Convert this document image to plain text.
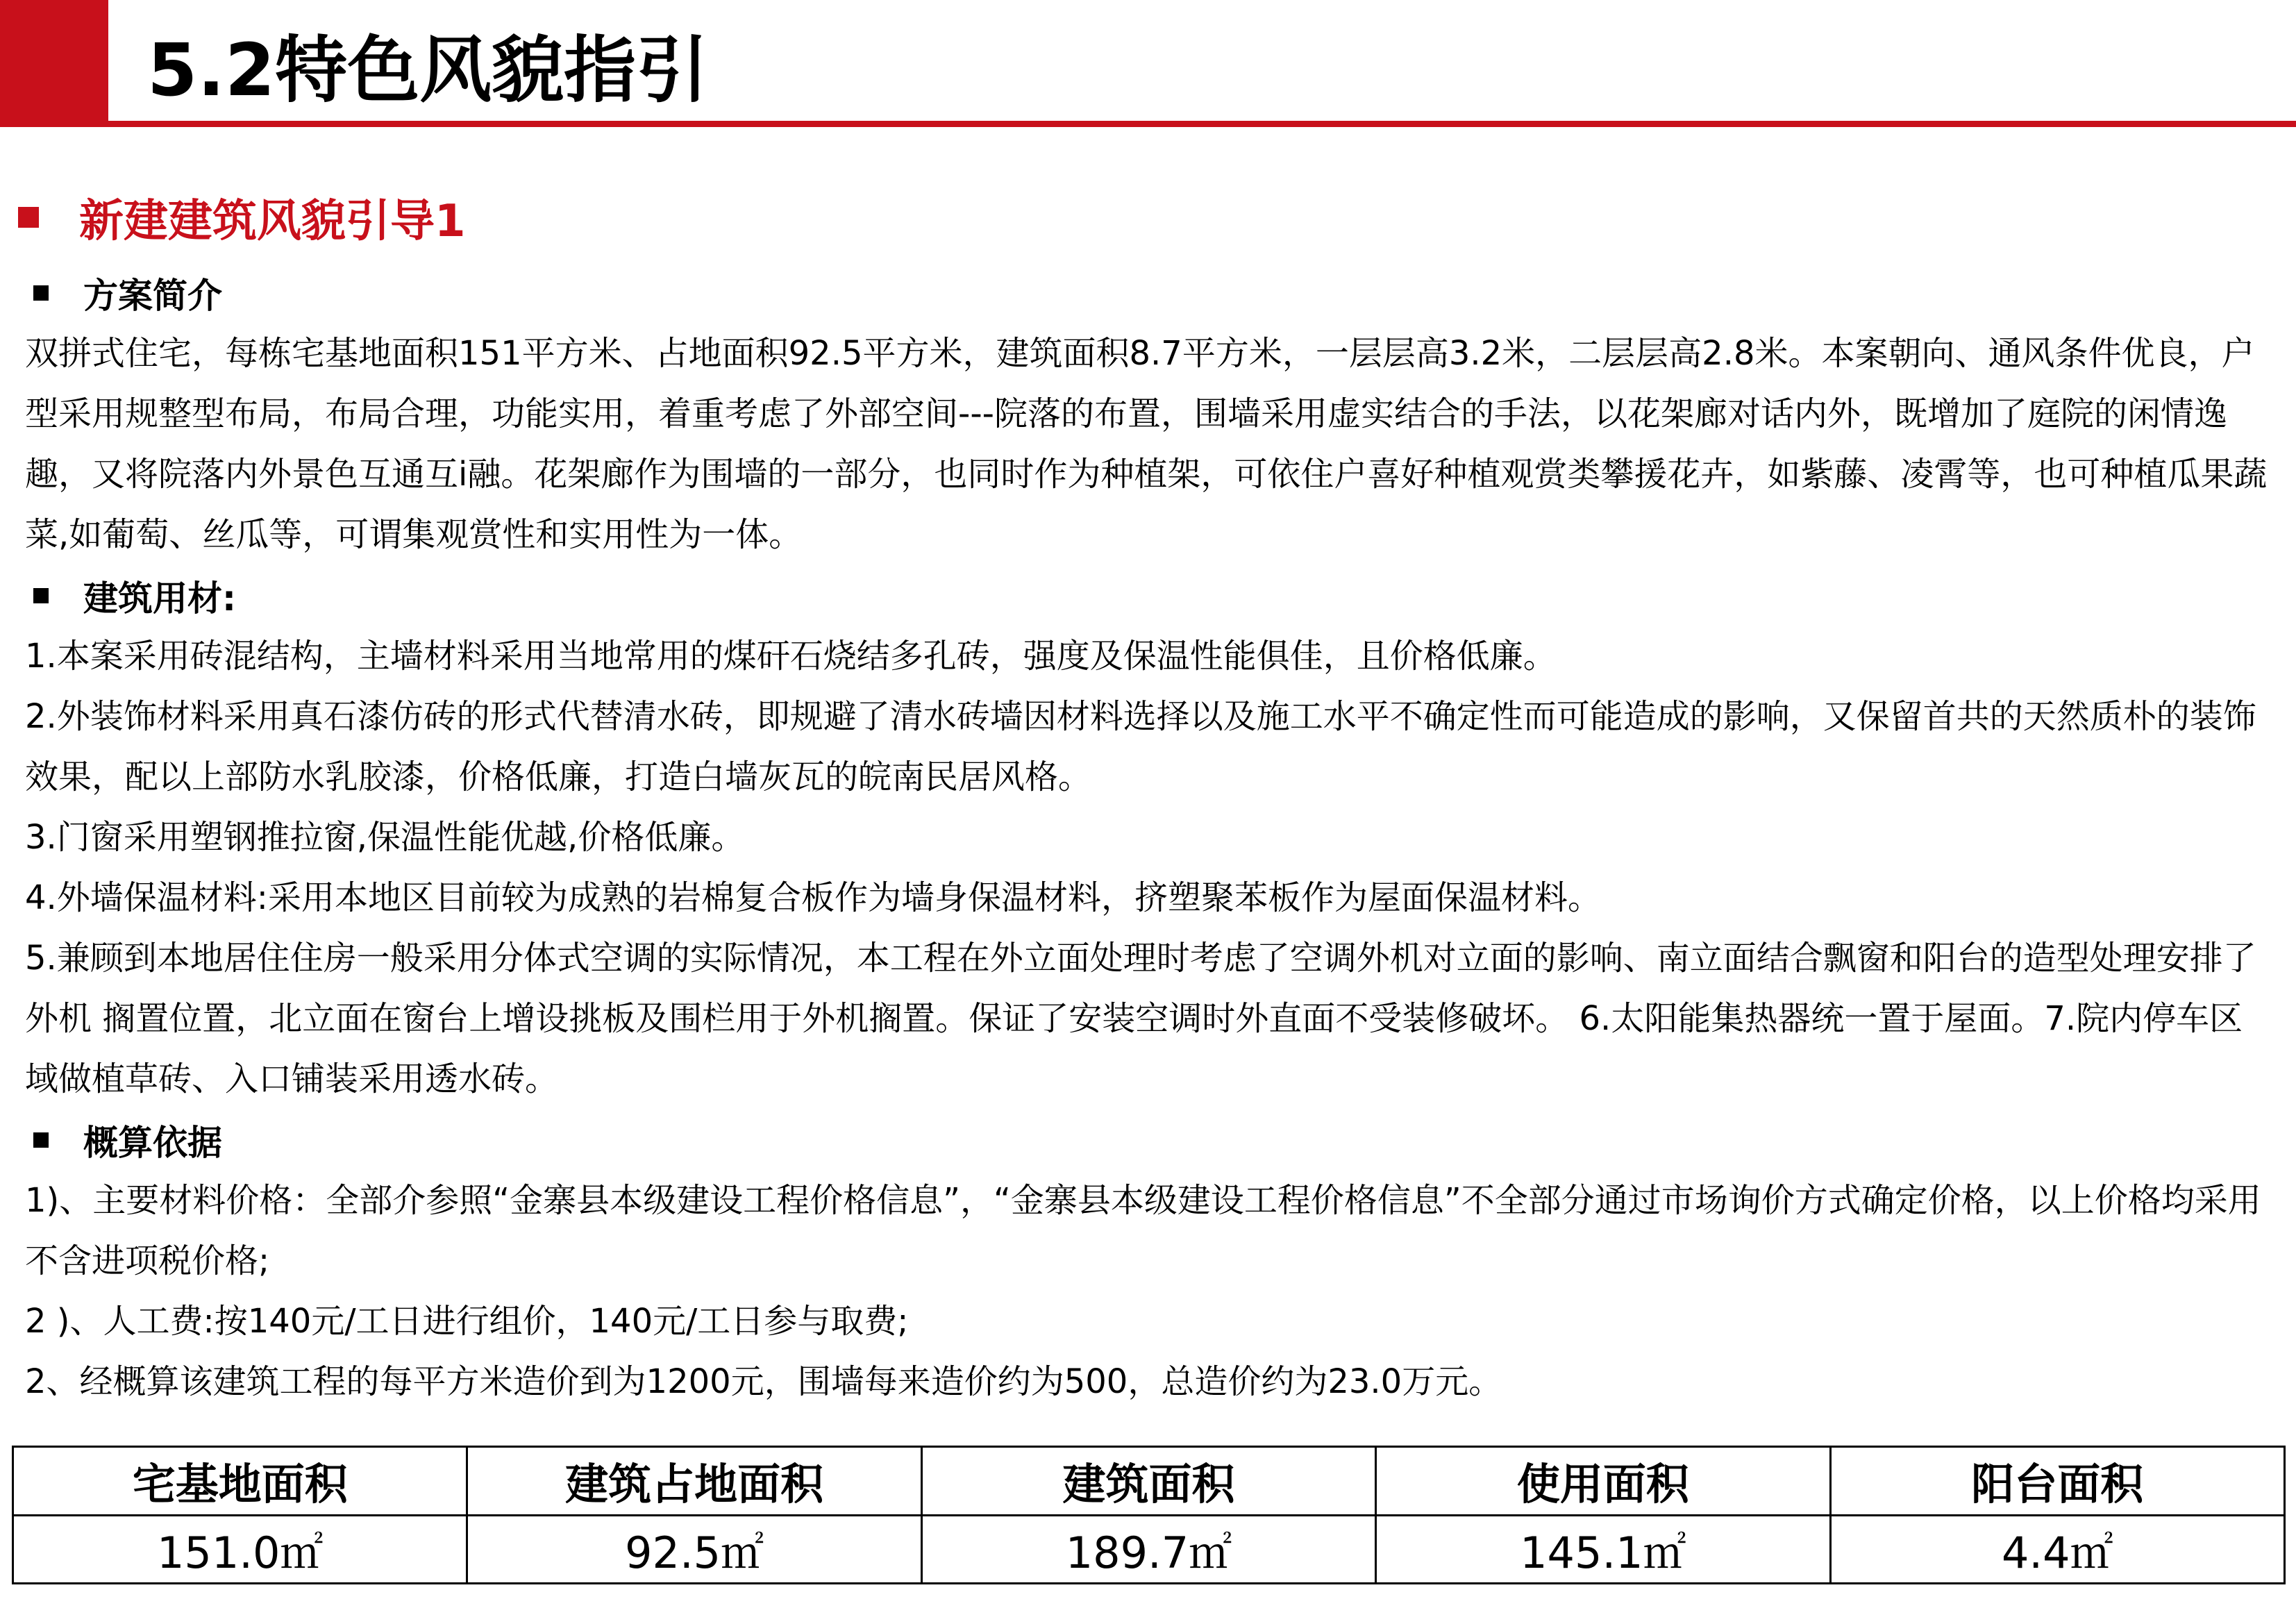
5.2特色风貌指引
新建建筑风貌引导1
方案简介

双拼式住宅，每栋宅基地面积151平方米、占地面积92.5平方米，建筑面积8.7平方米，一层层高3.2米，二层层高2.8米。本案朝向、通风条件优良，户型采用规整型布局，布局合理，功能实用，着重考虑了外部空间---院落的布置，围墙采用虚实结合的手法，以花架廊对话内外，既增加了庭院的闲情逸趣，又将院落内外景色互通互i融。花架廊作为围墙的一部分，也同时作为种植架，可依住户喜好种植观赏类攀援花卉，如紫藤、凌霄等，也可种植瓜果蔬菜,如葡萄、丝瓜等，可谓集观赏性和实用性为一体。

建筑用材:

1.本案采用砖混结构，主墙材料采用当地常用的煤矸石烧结多孔砖，强度及保温性能俱佳，且价格低廉。

2.外装饰材料采用真石漆仿砖的形式代替清水砖，即规避了清水砖墙因材料选择以及施工水平不确定性而可能造成的影响，又保留首共的天然质朴的装饰效果，配以上部防水乳胶漆，价格低廉，打造白墙灰瓦的皖南民居风格。

3.门窗采用塑钢推拉窗,保温性能优越,价格低廉。

4.外墙保温材料:采用本地区目前较为成熟的岩棉复合板作为墙身保温材料，挤塑聚苯板作为屋面保温材料。

5.兼顾到本地居住住房一般采用分体式空调的实际情况，本工程在外立面处理时考虑了空调外机对立面的影响、南立面结合飘窗和阳台的造型处理安排了外机 搁置位置，北立面在窗台上增设挑板及围栏用于外机搁置。保证了安装空调时外直面不受装修破坏。 6.太阳能集热器统一置于屋面。7.院内停车区域做植草砖、入口铺装采用透水砖。

概算依据

1)、主要材料价格：全部介参照“金寨县本级建设工程价格信息”，“金寨县本级建设工程价格信息”不全部分通过市场询价方式确定价格，以上价格均采用不含进项税价格;

2 )、人工费:按140元/工日进行组价，140元/工日参与取费;

2、经概算该建筑工程的每平方米造价到为1200元，围墙每来造价约为500，总造价约为23.0万元。

宅基地面积	建筑占地面积	建筑面积	使用面积	阳台面积
151.0㎡	92.5㎡	189.7㎡	145.1㎡	4.4㎡
